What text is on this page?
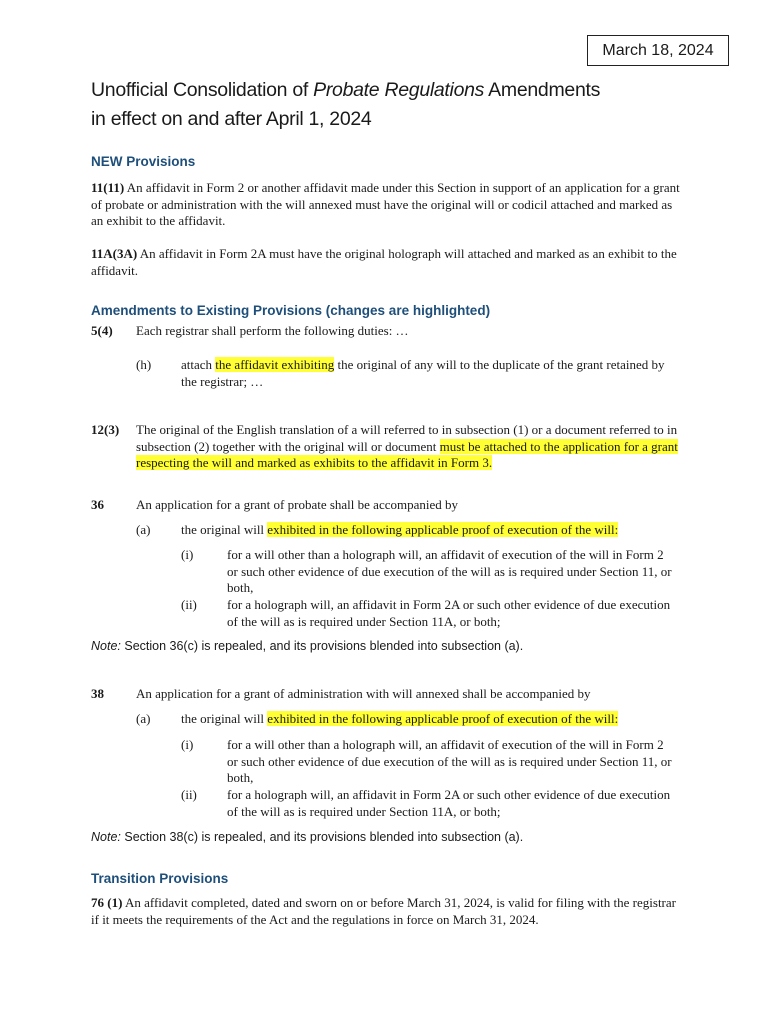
March 18, 2024
Unofficial Consolidation of Probate Regulations Amendments
in effect on and after April 1, 2024
NEW Provisions
11(11) An affidavit in Form 2 or another affidavit made under this Section in support of an application for a grant of probate or administration with the will annexed must have the original will or codicil attached and marked as an exhibit to the affidavit.
11A(3A) An affidavit in Form 2A must have the original holograph will attached and marked as an exhibit to the affidavit.
Amendments to Existing Provisions (changes are highlighted)
5(4) Each registrar shall perform the following duties: …
(h) attach the affidavit exhibiting the original of any will to the duplicate of the grant retained by the registrar; …
12(3) The original of the English translation of a will referred to in subsection (1) or a document referred to in subsection (2) together with the original will or document must be attached to the application for a grant respecting the will and marked as exhibits to the affidavit in Form 3.
36 An application for a grant of probate shall be accompanied by
(a) the original will exhibited in the following applicable proof of execution of the will:
(i)	for a will other than a holograph will, an affidavit of execution of the will in Form 2 or such other evidence of due execution of the will as is required under Section 11, or both,
(ii) for a holograph will, an affidavit in Form 2A or such other evidence of due execution of the will as is required under Section 11A, or both;
Note: Section 36(c) is repealed, and its provisions blended into subsection (a).
38 An application for a grant of administration with will annexed shall be accompanied by
(a) the original will exhibited in the following applicable proof of execution of the will:
(i)	for a will other than a holograph will, an affidavit of execution of the will in Form 2 or such other evidence of due execution of the will as is required under Section 11, or both,
(ii) for a holograph will, an affidavit in Form 2A or such other evidence of due execution of the will as is required under Section 11A, or both;
Note: Section 38(c) is repealed, and its provisions blended into subsection (a).
Transition Provisions
76 (1) An affidavit completed, dated and sworn on or before March 31, 2024, is valid for filing with the registrar if it meets the requirements of the Act and the regulations in force on March 31, 2024.
